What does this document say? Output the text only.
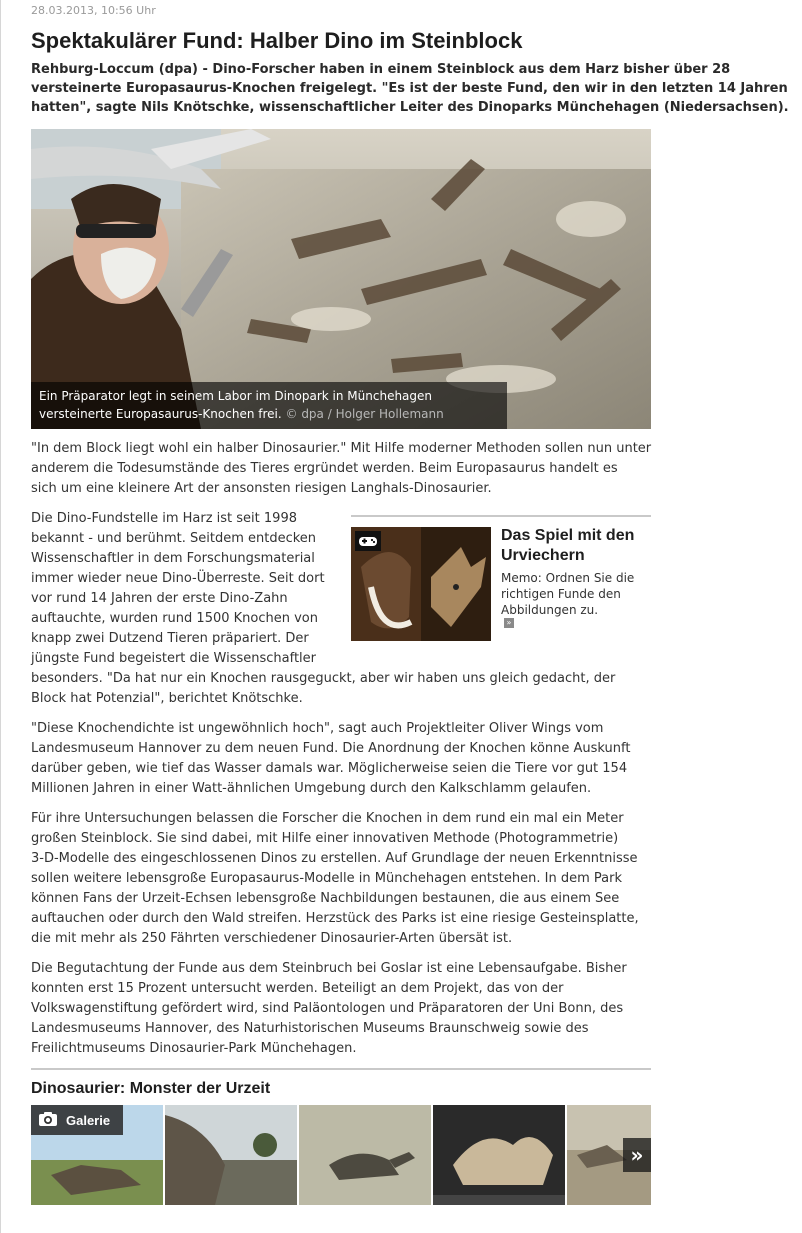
28.03.2013, 10:56 Uhr
Spektakulärer Fund: Halber Dino im Steinblock
Rehburg-Loccum (dpa) - Dino-Forscher haben in einem Steinblock aus dem Harz bisher über 28
versteinerte Europasaurus-Knochen freigelegt. "Es ist der beste Fund, den wir in den letzten 14 Jahren
hatten", sagte Nils Knötschke, wissenschaftlicher Leiter des Dinoparks Münchehagen (Niedersachsen).
Ein Präparator legt in seinem Labor im Dinopark in Münchehagen
versteinerte Europasaurus-Knochen frei. © dpa / Holger Hollemann
"In dem Block liegt wohl ein halber Dinosaurier." Mit Hilfe moderner Methoden sollen nun unter
anderem die Todesumstände des Tieres ergründet werden. Beim Europasaurus handelt es
sich um eine kleinere Art der ansonsten riesigen Langhals-Dinosaurier.
Die Dino-Fundstelle im Harz ist seit 1998
bekannt - und berühmt. Seitdem entdecken
Wissenschaftler in dem Forschungsmaterial
immer wieder neue Dino-Überreste. Seit dort
vor rund 14 Jahren der erste Dino-Zahn
auftauchte, wurden rund 1500 Knochen von
knapp zwei Dutzend Tieren präpariert. Der
jüngste Fund begeistert die Wissenschaftler
besonders. "Da hat nur ein Knochen rausgeguckt, aber wir haben uns gleich gedacht, der
Block hat Potenzial", berichtet Knötschke.
Das Spiel mit den
Urviechern
Memo: Ordnen Sie die
richtigen Funde den
Abbildungen zu.
»
"Diese Knochendichte ist ungewöhnlich hoch", sagt auch Projektleiter Oliver Wings vom
Landesmuseum Hannover zu dem neuen Fund. Die Anordnung der Knochen könne Auskunft
darüber geben, wie tief das Wasser damals war. Möglicherweise seien die Tiere vor gut 154
Millionen Jahren in einer Watt-ähnlichen Umgebung durch den Kalkschlamm gelaufen.
Für ihre Untersuchungen belassen die Forscher die Knochen in dem rund ein mal ein Meter
großen Steinblock. Sie sind dabei, mit Hilfe einer innovativen Methode (Photogrammetrie)
3-D-Modelle des eingeschlossenen Dinos zu erstellen. Auf Grundlage der neuen Erkenntnisse
sollen weitere lebensgroße Europasaurus-Modelle in Münchehagen entstehen. In dem Park
können Fans der Urzeit-Echsen lebensgroße Nachbildungen bestaunen, die aus einem See
auftauchen oder durch den Wald streifen. Herzstück des Parks ist eine riesige Gesteinsplatte,
die mit mehr als 250 Fährten verschiedener Dinosaurier-Arten übersät ist.
Die Begutachtung der Funde aus dem Steinbruch bei Goslar ist eine Lebensaufgabe. Bisher
konnten erst 15 Prozent untersucht werden. Beteiligt an dem Projekt, das von der
Volkswagenstiftung gefördert wird, sind Paläontologen und Präparatoren der Uni Bonn, des
Landesmuseums Hannover, des Naturhistorischen Museums Braunschweig sowie des
Freilichtmuseums Dinosaurier-Park Münchehagen.
Dinosaurier: Monster der Urzeit
Galerie
»
